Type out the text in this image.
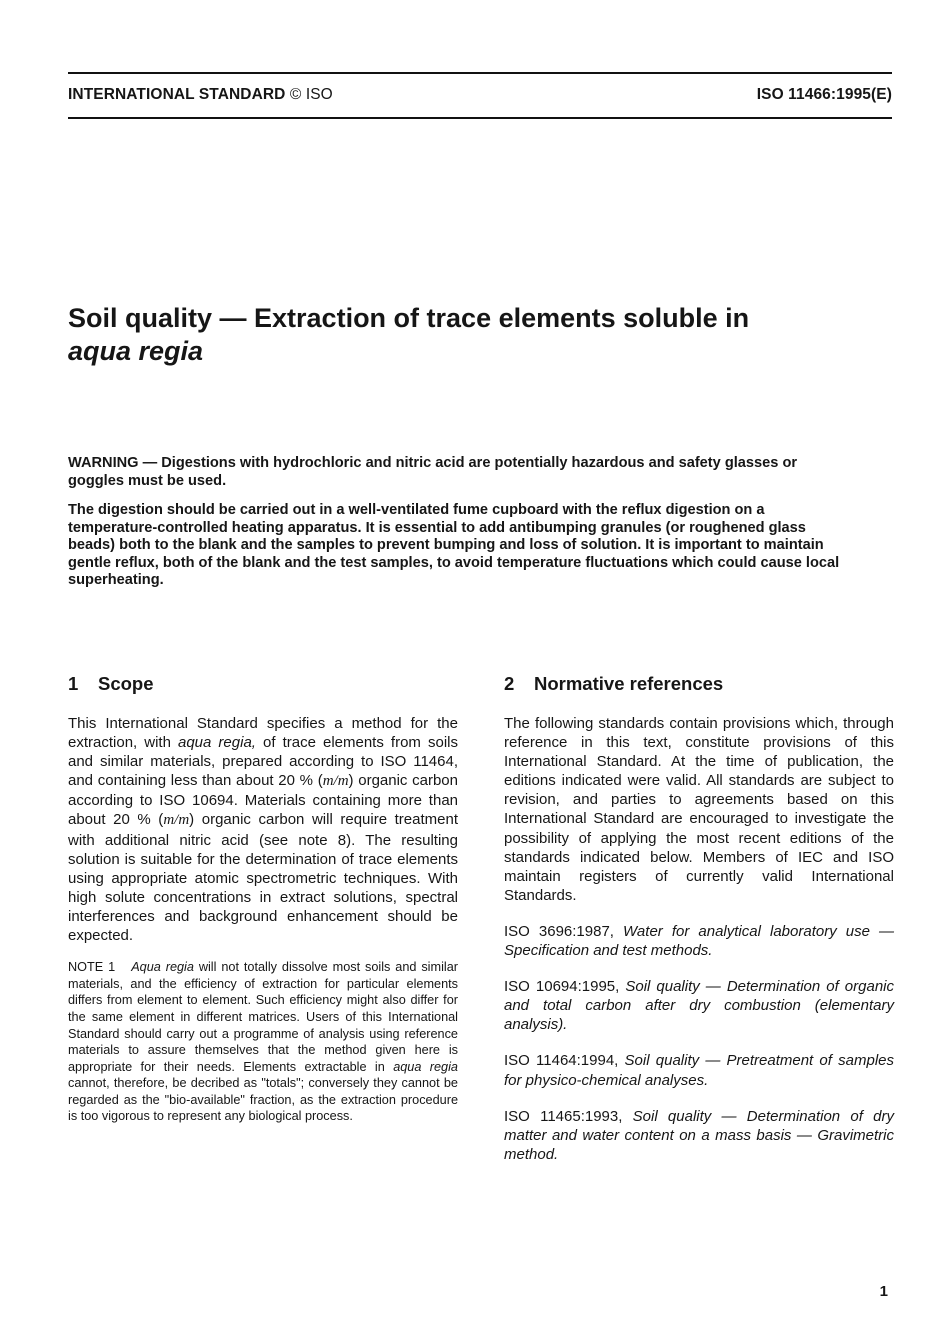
INTERNATIONAL STANDARD © ISO	ISO 11466:1995(E)
Soil quality — Extraction of trace elements soluble in
aqua regia

WARNING — Digestions with hydrochloric and nitric acid are potentially hazardous and safety glasses or goggles must be used.

The digestion should be carried out in a well-ventilated fume cupboard with the reflux digestion on a temperature-controlled heating apparatus. It is essential to add antibumping granules (or roughened glass beads) both to the blank and the samples to prevent bumping and loss of solution. It is important to maintain gentle reflux, both of the blank and the test samples, to avoid temperature fluctuations which could cause local superheating.

1 Scope

This International Standard specifies a method for the extraction, with aqua regia, of trace elements from soils and similar materials, prepared according to ISO 11464, and containing less than about 20 % (m/m) organic carbon according to ISO 10694. Materials containing more than about 20 % (m/m) organic carbon will require treatment with additional nitric acid (see note 8). The resulting solution is suitable for the determination of trace elements using appropriate atomic spectrometric techniques. With high solute concentrations in extract solutions, spectral interferences and background enhancement should be expected.

NOTE 1 Aqua regia will not totally dissolve most soils and similar materials, and the efficiency of extraction for particular elements differs from element to element. Such efficiency might also differ for the same element in different matrices. Users of this International Standard should carry out a programme of analysis using reference materials to assure themselves that the method given here is appropriate for their needs. Elements extractable in aqua regia cannot, therefore, be decribed as "totals"; conversely they cannot be regarded as the "bio-available" fraction, as the extraction procedure is too vigorous to represent any biological process.

2 Normative references

The following standards contain provisions which, through reference in this text, constitute provisions of this International Standard. At the time of publication, the editions indicated were valid. All standards are subject to revision, and parties to agreements based on this International Standard are encouraged to investigate the possibility of applying the most recent editions of the standards indicated below. Members of IEC and ISO maintain registers of currently valid International Standards.

ISO 3696:1987, Water for analytical laboratory use — Specification and test methods.

ISO 10694:1995, Soil quality — Determination of organic and total carbon after dry combustion (elementary analysis).

ISO 11464:1994, Soil quality — Pretreatment of samples for physico-chemical analyses.

ISO 11465:1993, Soil quality — Determination of dry matter and water content on a mass basis — Gravimetric method.

1
